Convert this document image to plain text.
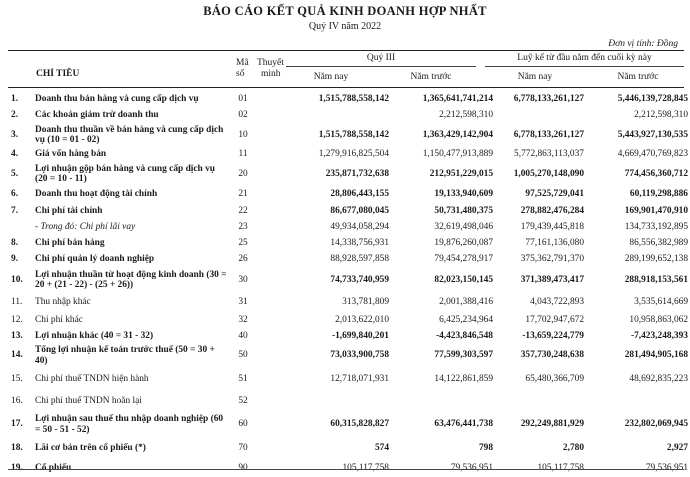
BÁO CÁO KẾT QUẢ KINH DOANH HỢP NHẤT
Quý IV năm 2022
Đơn vị tính: Đồng
CHỈ TIÊU
Mã
số
Thuyết
minh
Quý III	Luỹ kế từ đầu năm đến cuối kỳ này
Năm nay	Năm trước	Năm nay	Năm trước
1.	Doanh thu bán hàng và cung cấp dịch vụ	01		1,515,788,558,142	1,365,641,741,214	6,778,133,261,127	5,446,139,728,845
2.	Các khoản giảm trừ doanh thu	02			2,212,598,310		2,212,598,310
3.	Doanh thu thuần về bán hàng và cung cấp dịch vụ (10 = 01 - 02)	10		1,515,788,558,142	1,363,429,142,904	6,778,133,261,127	5,443,927,130,535
4.	Giá vốn hàng bán	11		1,279,916,825,504	1,150,477,913,889	5,772,863,113,037	4,669,470,769,823
5.	Lợi nhuận gộp bán hàng và cung cấp dịch vụ (20 = 10 - 11)	20		235,871,732,638	212,951,229,015	1,005,270,148,090	774,456,360,712
6.	Doanh thu hoạt động tài chính	21		28,806,443,155	19,133,940,609	97,525,729,041	60,119,298,886
7.	Chi phí tài chính	22		86,677,080,045	50,731,480,375	278,882,476,284	169,901,470,910
	- Trong đó: Chi phí lãi vay	23		49,934,058,294	32,619,498,046	179,439,445,818	134,733,192,895
8.	Chi phí bán hàng	25		14,338,756,931	19,876,260,087	77,161,136,080	86,556,382,989
9.	Chi phí quản lý doanh nghiệp	26		88,928,597,858	79,454,278,917	375,362,791,370	289,199,652,138
10.	Lợi nhuận thuần từ hoạt động kinh doanh (30 = 20 + (21 - 22) - (25 + 26))	30		74,733,740,959	82,023,150,145	371,389,473,417	288,918,153,561
11.	Thu nhập khác	31		313,781,809	2,001,388,416	4,043,722,893	3,535,614,669
12.	Chi phí khác	32		2,013,622,010	6,425,234,964	17,702,947,672	10,958,863,062
13.	Lợi nhuận khác (40 = 31 - 32)	40		-1,699,840,201	-4,423,846,548	-13,659,224,779	-7,423,248,393
14.	Tổng lợi nhuận kế toán trước thuế (50 = 30 + 40)	50		73,033,900,758	77,599,303,597	357,730,248,638	281,494,905,168
15.	Chi phí thuế TNDN hiện hành	51		12,718,071,931	14,122,861,859	65,480,366,709	48,692,835,223
16.	Chi phí thuế TNDN hoãn lại	52					
17.	Lợi nhuận sau thuế thu nhập doanh nghiệp (60 = 50 - 51 - 52)	60		60,315,828,827	63,476,441,738	292,249,881,929	232,802,069,945
18.	Lãi cơ bản trên cổ phiếu (*)	70		574	798	2,780	2,927
19.	Cổ phiếu	90		105,117,758	79,536,951	105,117,758	79,536,951
